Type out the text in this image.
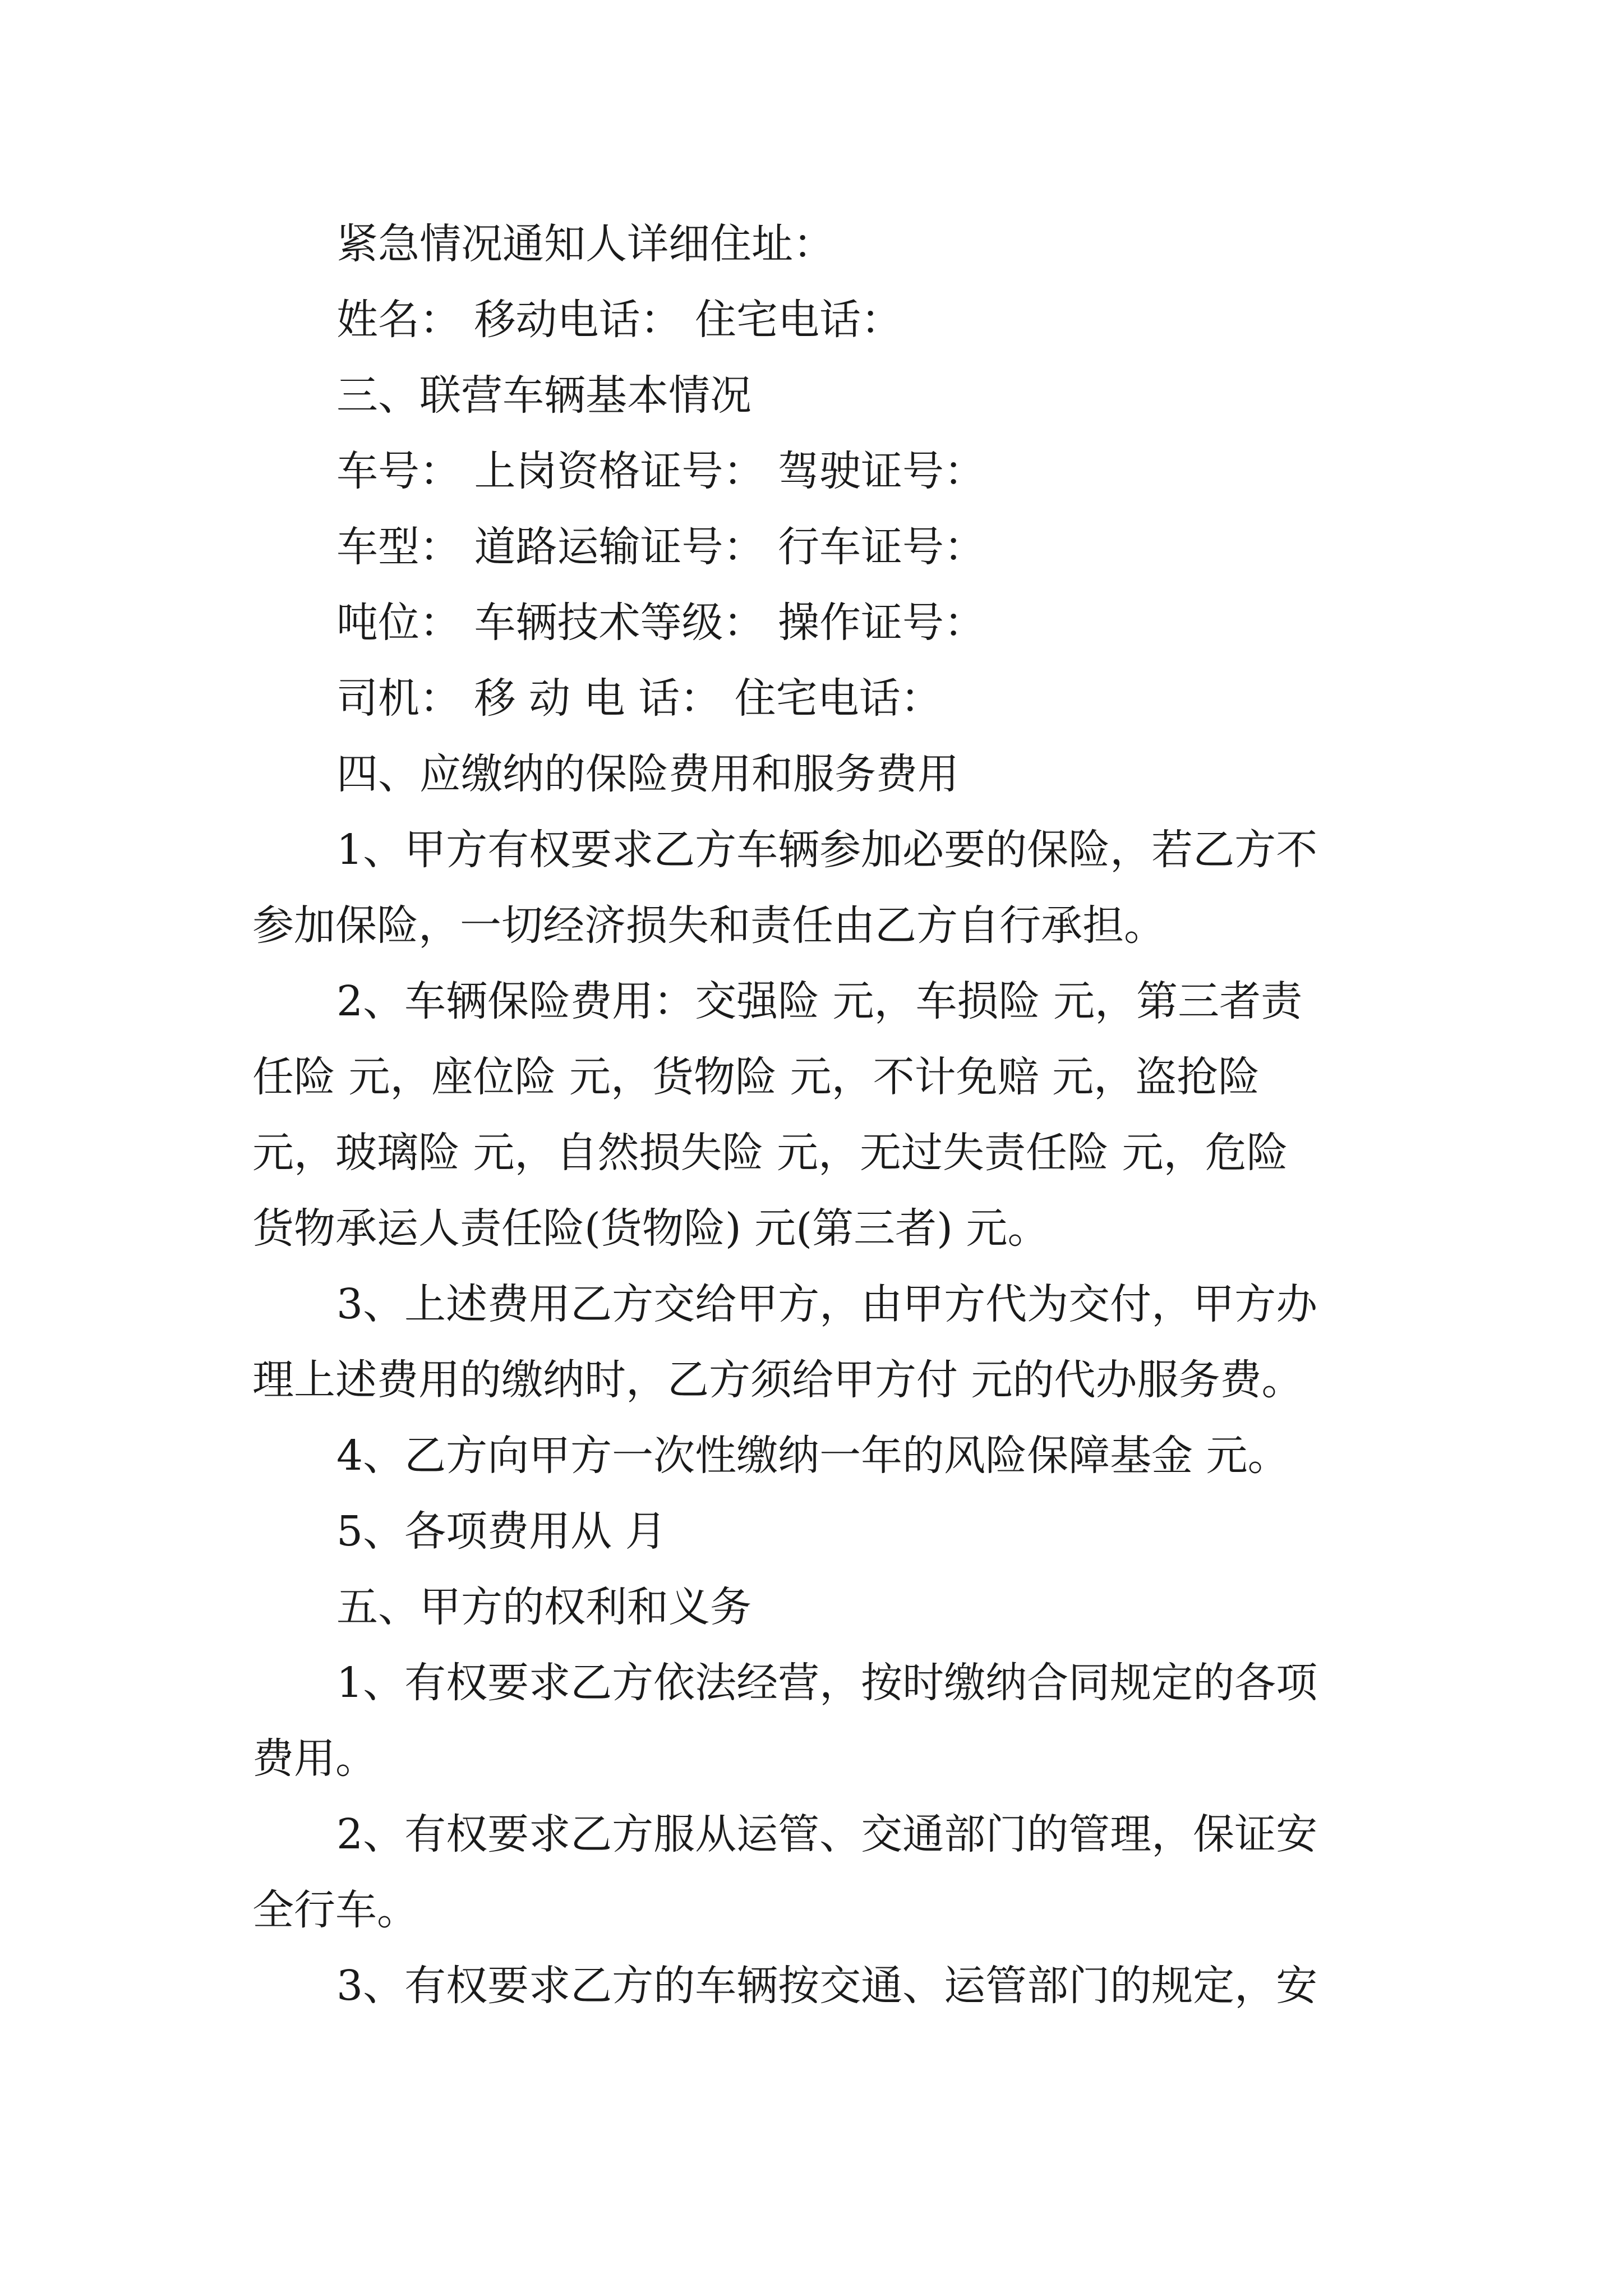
紧急情况通知人详细住址：
姓名： 移动电话： 住宅电话：
三、联营车辆基本情况
车号： 上岗资格证号： 驾驶证号：
车型： 道路运输证号： 行车证号：
吨位： 车辆技术等级： 操作证号：
司机： 移 动 电 话： 住宅电话：
四、应缴纳的保险费用和服务费用
1、甲方有权要求乙方车辆参加必要的保险，若乙方不
参加保险，一切经济损失和责任由乙方自行承担。
2、车辆保险费用：交强险 元，车损险 元，第三者责
任险 元，座位险 元，货物险 元，不计免赔 元，盗抢险
元，玻璃险 元，自然损失险 元，无过失责任险 元，危险
货物承运人责任险(货物险) 元(第三者) 元。
3、上述费用乙方交给甲方，由甲方代为交付，甲方办
理上述费用的缴纳时，乙方须给甲方付 元的代办服务费。
4、乙方向甲方一次性缴纳一年的风险保障基金 元。
5、各项费用从 月
五、甲方的权利和义务
1、有权要求乙方依法经营，按时缴纳合同规定的各项
费用。
2、有权要求乙方服从运管、交通部门的管理，保证安
全行车。
3、有权要求乙方的车辆按交通、运管部门的规定，安
